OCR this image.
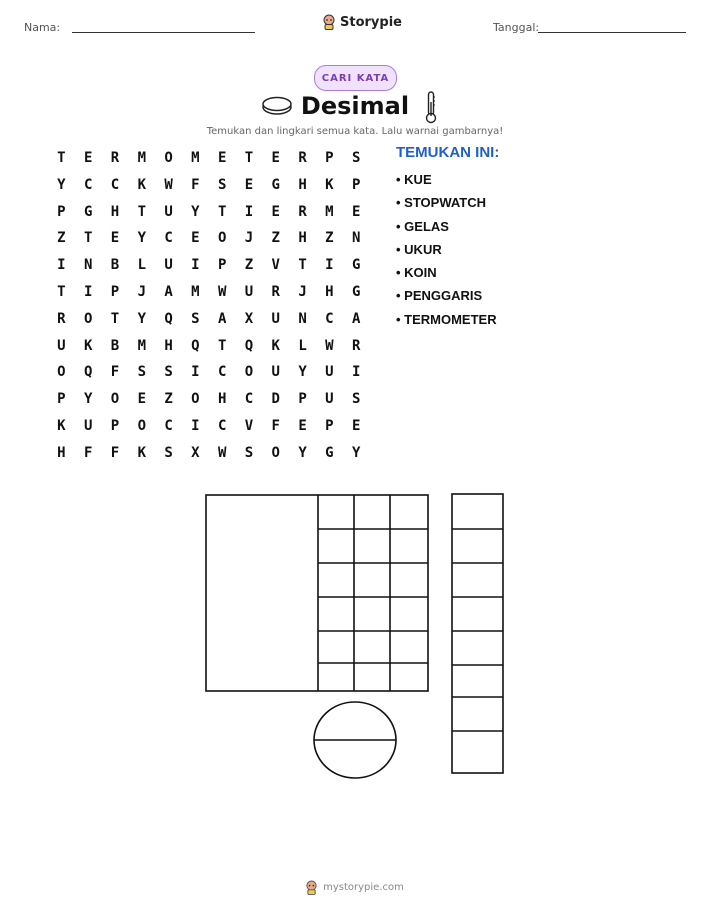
Nama:	Storypie	Tanggal:
CARI KATA
Desimal
Temukan dan lingkari semua kata. Lalu warnai gambarnya!
T	E	R	M	O	M	E	T	E	R	P	S
Y	C	C	K	W	F	S	E	G	H	K	P
P	G	H	T	U	Y	T	I	E	R	M	E
Z	T	E	Y	C	E	O	J	Z	H	Z	N
I	N	B	L	U	I	P	Z	V	T	I	G
T	I	P	J	A	M	W	U	R	J	H	G
R	O	T	Y	Q	S	A	X	U	N	C	A
U	K	B	M	H	Q	T	Q	K	L	W	R
O	Q	F	S	S	I	C	O	U	Y	U	I
P	Y	O	E	Z	O	H	C	D	P	U	S
K	U	P	O	C	I	C	V	F	E	P	E
H	F	F	K	S	X	W	S	O	Y	G	Y
TEMUKAN INI:
• KUE
• STOPWATCH
• GELAS
• UKUR
• KOIN
• PENGGARIS
• TERMOMETER
mystorypie.com
